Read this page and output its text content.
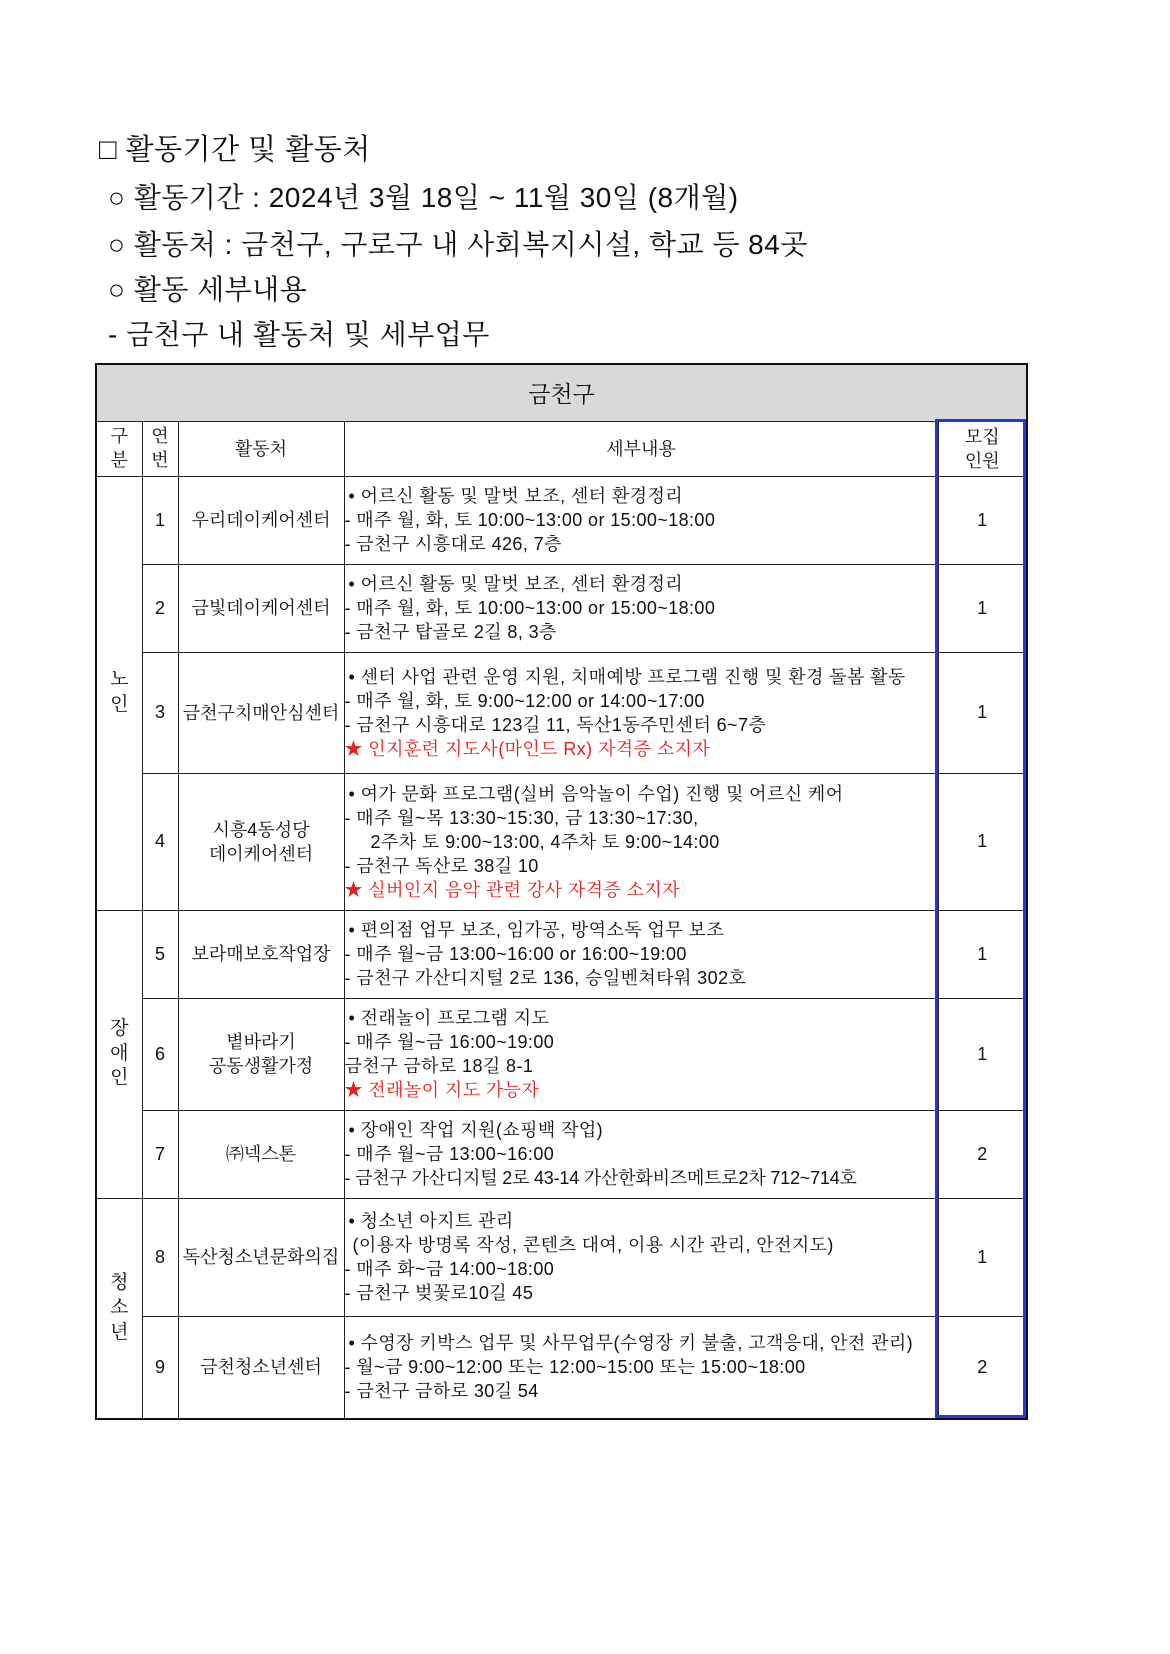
□ 활동기간 및 활동처
○ 활동기간 : 2024년 3월 18일 ~ 11월 30일 (8개월)
○ 활동처 : 금천구, 구로구 내 사회복지시설, 학교 등 84곳
○ 활동 세부내용
- 금천구 내 활동처 및 세부업무
금천구				
구분	연번	활동처	세부내용	모집
인원
노인	1	우리데이케어센터	• 어르신 활동 및 말벗 보조, 센터 환경정리
- 매주 월, 화, 토 10:00~13:00 or 15:00~18:00
- 금천구 시흥대로 426, 7층	1
	2	금빛데이케어센터	• 어르신 활동 및 말벗 보조, 센터 환경정리
- 매주 월, 화, 토 10:00~13:00 or 15:00~18:00
- 금천구 탑골로 2길 8, 3층	1
	3	금천구치매안심센터	• 센터 사업 관련 운영 지원, 치매예방 프로그램 진행 및 환경 돌봄 활동
- 매주 월, 화, 토 9:00~12:00 or 14:00~17:00
- 금천구 시흥대로 123길 11, 독산1동주민센터 6~7층
★ 인지훈련 지도사(마인드 Rx) 자격증 소지자	1
	4	시흥4동성당 데이케어센터	• 여가 문화 프로그램(실버 음악놀이 수업) 진행 및 어르신 케어
- 매주 월~목 13:30~15:30, 금 13:30~17:30,
2주차 토 9:00~13:00, 4주차 토 9:00~14:00
- 금천구 독산로 38길 10
★ 실버인지 음악 관련 강사 자격증 소지자	1
장애인	5	보라매보호작업장	• 편의점 업무 보조, 임가공, 방역소독 업무 보조
- 매주 월~금 13:00~16:00 or 16:00~19:00
- 금천구 가산디지털 2로 136, 승일벤쳐타워 302호	1
	6	볕바라기 공동생활가정	• 전래놀이 프로그램 지도
- 매주 월~금 16:00~19:00
금천구 금하로 18길 8-1
★ 전래놀이 지도 가능자	1
	7	㈜넥스톤	• 장애인 작업 지원(쇼핑백 작업)
- 매주 월~금 13:00~16:00
- 금천구 가산디지털 2로 43-14 가산한화비즈메트로2차 712~714호	2
청소년	8	독산청소년문화의집	• 청소년 아지트 관리
(이용자 방명록 작성, 콘텐츠 대여, 이용 시간 관리, 안전지도)
- 매주 화~금 14:00~18:00
- 금천구 벚꽃로10길 45	1
	9	금천청소년센터	• 수영장 키박스 업무 및 사무업무(수영장 키 불출, 고객응대, 안전 관리)
- 월~금 9:00~12:00 또는 12:00~15:00 또는 15:00~18:00
- 금천구 금하로 30길 54	2
